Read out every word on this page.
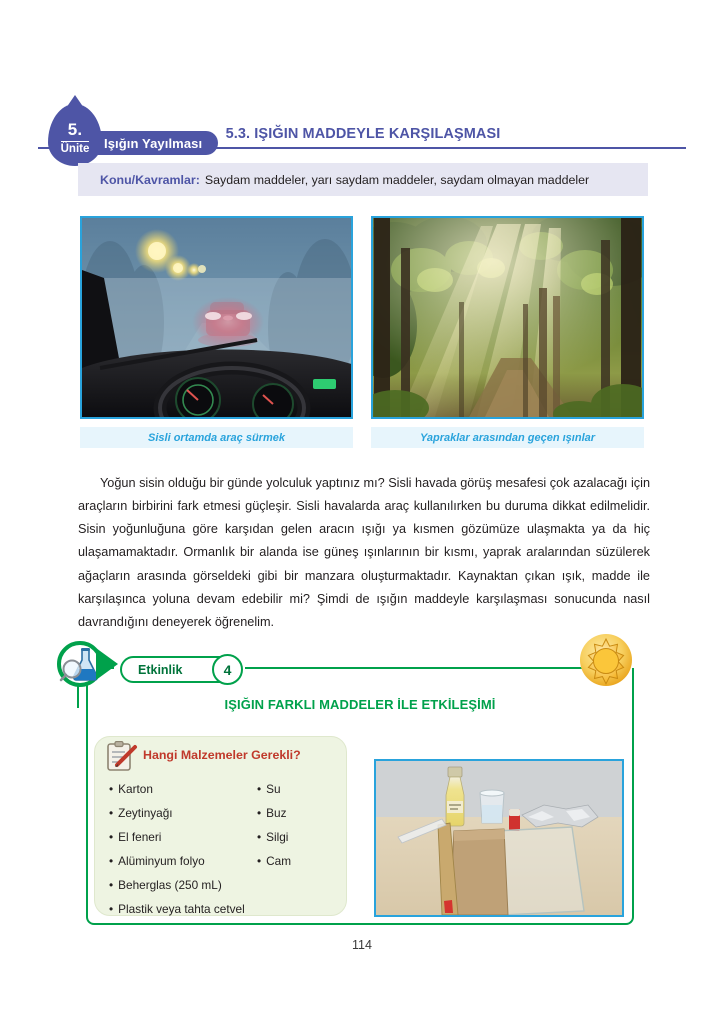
5.
Ünite Işığın Yayılması
5.3. IŞIĞIN MADDEYLE KARŞILAŞMASI
Konu/Kavramlar: Saydam maddeler, yarı saydam maddeler, saydam olmayan maddeler
Sisli ortamda araç sürmek	Yapraklar arasından geçen ışınlar

Yoğun sisin olduğu bir günde yolculuk yaptınız mı? Sisli havada görüş mesafesi çok azalacağı için araçların birbirini fark etmesi güçleşir. Sisli havalarda araç kullanılırken bu duruma dikkat edilmelidir. Sisin yoğunluğuna göre karşıdan gelen aracın ışığı ya kısmen gözümüze ulaşmakta ya da hiç ulaşamamaktadır. Ormanlık bir alanda ise güneş ışınlarının bir kısmı, yaprak aralarından süzülerek ağaçların arasında görseldeki gibi bir manzara oluşturmaktadır. Kaynaktan çıkan ışık, madde ile karşılaşınca yoluna devam edebilir mi? Şimdi de ışığın maddeyle karşılaşması sonucunda nasıl davrandığını deneyerek öğrenelim.

Etkinlik	4
IŞIĞIN FARKLI MADDELER İLE ETKİLEŞİMİ
Hangi Malzemeler Gerekli?
• Karton
• Zeytinyağı
• El feneri
• Alüminyum folyo
• Beherglas (250 mL)
• Plastik veya tahta cetvel
• Su
• Buz
• Silgi
• Cam
114
